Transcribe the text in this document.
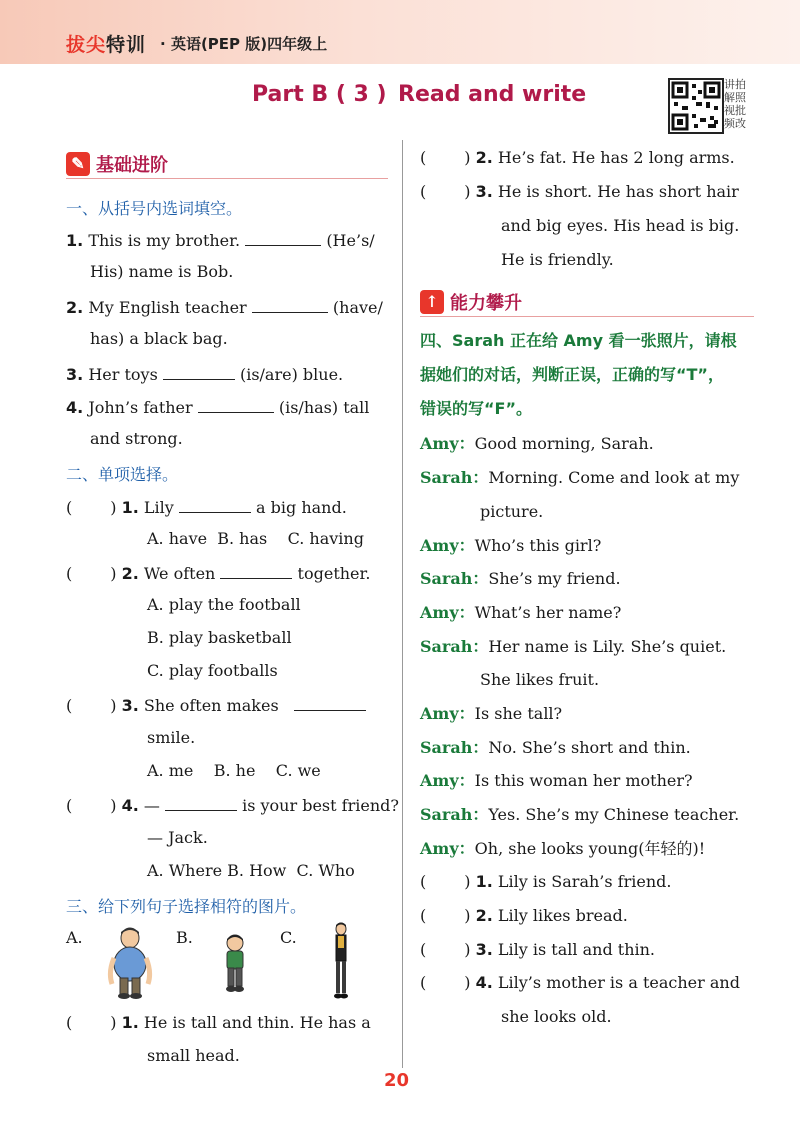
拔尖特训 · 英语(PEP 版)四年级上
Part B ( 3 ) Read and write	讲拍
解照
视批
频改
✎ 基础进阶
一、从括号内选词填空。
1. This is my brother.	(He’s/
His) name is Bob.
2. My English teacher	(have/
has) a black bag.
3. Her toys	(is/are) blue.
4. John’s father	(is/has) tall
and strong.
二、单项选择。
( ) 1. Lily	a big hand.
A. have B. has C. having
( ) 2. We often	together.
A. play the football
B. play basketball
C. play footballs
( ) 3. She often makes
smile.
A. me B. he C. we
( ) 4. —	is your best friend?
— Jack.
A. Where B. How C. Who
三、给下列句子选择相符的图片。
A.	B.	C.
( ) 1. He is tall and thin. He has a
small head.
( ) 2. He’s fat. He has 2 long arms.
( ) 3. He is short. He has short hair
and big eyes. His head is big.
He is friendly.
↑ 能力攀升
四、Sarah 正在给 Amy 看一张照片，请根
据她们的对话，判断正误，正确的写“T”，
错误的写“F”。
Amy：Good morning, Sarah.
Sarah：Morning. Come and look at my
picture.
Amy：Who’s this girl?
Sarah：She’s my friend.
Amy：What’s her name?
Sarah：Her name is Lily. She’s quiet.
She likes fruit.
Amy：Is she tall?
Sarah：No. She’s short and thin.
Amy：Is this woman her mother?
Sarah：Yes. She’s my Chinese teacher.
Amy：Oh, she looks young(年轻的)!
( ) 1. Lily is Sarah’s friend.
( ) 2. Lily likes bread.
( ) 3. Lily is tall and thin.
( ) 4. Lily’s mother is a teacher and
she looks old.
20
